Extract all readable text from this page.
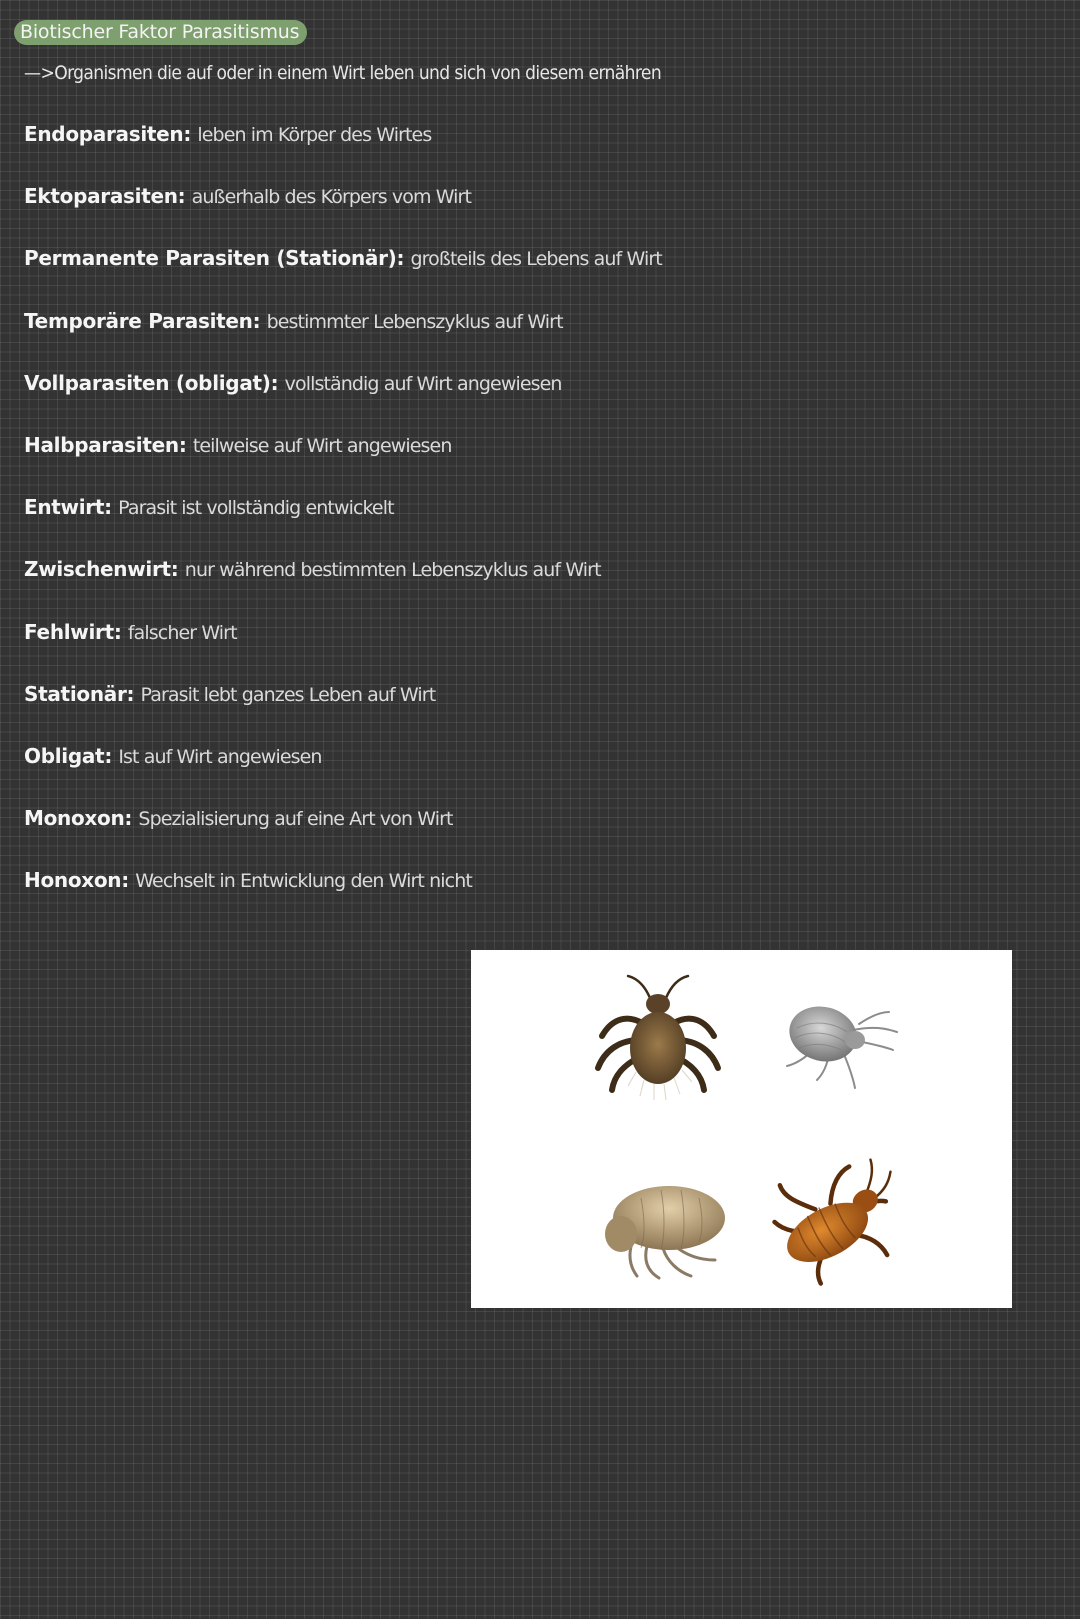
Biotischer Faktor Parasitismus
—>Organismen die auf oder in einem Wirt leben und sich von diesem ernähren
Endoparasiten: leben im Körper des Wirtes
Ektoparasiten: außerhalb des Körpers vom Wirt
Permanente Parasiten (Stationär): großteils des Lebens auf Wirt
Temporäre Parasiten: bestimmter Lebenszyklus auf Wirt
Vollparasiten (obligat): vollständig auf Wirt angewiesen
Halbparasiten: teilweise auf Wirt angewiesen
Entwirt: Parasit ist vollständig entwickelt
Zwischenwirt: nur während bestimmten Lebenszyklus auf Wirt
Fehlwirt: falscher Wirt
Stationär: Parasit lebt ganzes Leben auf Wirt
Obligat: Ist auf Wirt angewiesen
Monoxon: Spezialisierung auf eine Art von Wirt
Honoxon: Wechselt in Entwicklung den Wirt nicht
